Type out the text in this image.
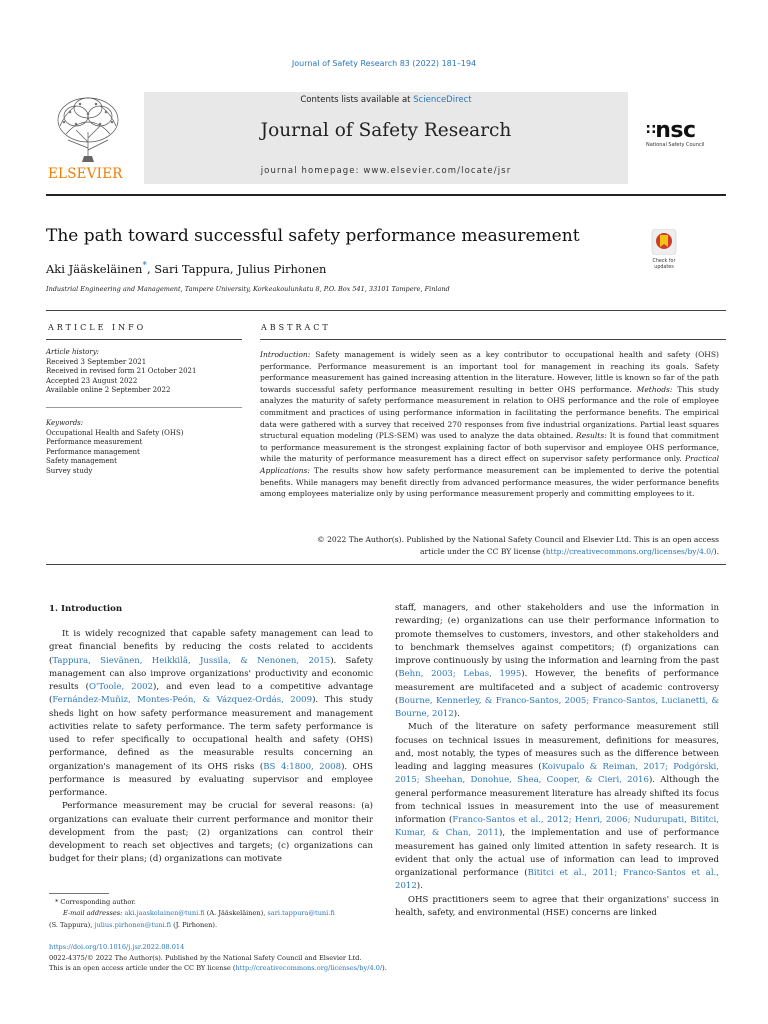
Journal of Safety Research 83 (2022) 181–194
ELSEVIER
Contents lists available at ScienceDirect
Journal of Safety Research
journal homepage: www.elsevier.com/locate/jsr
∷nsc
National Safety Council
The path toward successful safety performance measurement
Check for updates
Aki Jääskeläinen*, Sari Tappura, Julius Pirhonen
Industrial Engineering and Management, Tampere University, Korkeakoulunkatu 8, P.O. Box 541, 33101 Tampere, Finland
ARTICLE INFO
Article history:
Received 3 September 2021
Received in revised form 21 October 2021
Accepted 23 August 2022
Available online 2 September 2022
Keywords:
Occupational Health and Safety (OHS)
Performance measurement
Performance management
Safety management
Survey study
ABSTRACT
Introduction: Safety management is widely seen as a key contributor to occupational health and safety (OHS) performance. Performance measurement is an important tool for management in reaching its goals. Safety performance measurement has gained increasing attention in the literature. However, little is known so far of the path towards successful safety performance measurement resulting in better OHS performance. Methods: This study analyzes the maturity of safety performance measurement in relation to OHS performance and the role of employee commitment and practices of using performance information in facilitating the performance benefits. The empirical data were gathered with a survey that received 270 responses from five industrial organizations. Partial least squares structural equation modeling (PLS-SEM) was used to analyze the data obtained. Results: It is found that commitment to performance measurement is the strongest explaining factor of both supervisor and employee OHS performance, while the maturity of performance measurement has a direct effect on supervisor safety performance only. Practical Applications: The results show how safety performance measurement can be implemented to derive the potential benefits. While managers may benefit directly from advanced performance measures, the wider performance benefits among employees materialize only by using performance measurement properly and committing employees to it.
© 2022 The Author(s). Published by the National Safety Council and Elsevier Ltd. This is an open access
article under the CC BY license (http://creativecommons.org/licenses/by/4.0/).
1. Introduction

It is widely recognized that capable safety management can lead to great financial benefits by reducing the costs related to accidents (Tappura, Sievänen, Heikkilä, Jussila, & Nenonen, 2015). Safety management can also improve organizations' productivity and economic results (O'Toole, 2002), and even lead to a competitive advantage (Fernández-Muñiz, Montes-Peón, & Vázquez-Ordás, 2009). This study sheds light on how safety performance measurement and management activities relate to safety performance. The term safety performance is used to refer specifically to occupational health and safety (OHS) performance, defined as the measurable results concerning an organization's management of its OHS risks (BS 4:1800, 2008). OHS performance is measured by evaluating supervisor and employee performance.

Performance measurement may be crucial for several reasons: (a) organizations can evaluate their current performance and monitor their development from the past; (2) organizations can control their development to reach set objectives and targets; (c) organizations can budget for their plans; (d) organizations can motivate

staff, managers, and other stakeholders and use the information in rewarding; (e) organizations can use their performance information to promote themselves to customers, investors, and other stakeholders and to benchmark themselves against competitors; (f) organizations can improve continuously by using the information and learning from the past (Behn, 2003; Lebas, 1995). However, the benefits of performance measurement are multifaceted and a subject of academic controversy (Bourne, Kennerley, & Franco-Santos, 2005; Franco-Santos, Lucianetti, & Bourne, 2012).

Much of the literature on safety performance measurement still focuses on technical issues in measurement, definitions for measures, and, most notably, the types of measures such as the difference between leading and lagging measures (Koivupalo & Reiman, 2017; Podgórski, 2015; Sheehan, Donohue, Shea, Cooper, & Cieri, 2016). Although the general performance measurement literature has already shifted its focus from technical issues in measurement into the use of measurement information (Franco-Santos et al., 2012; Henri, 2006; Nudurupati, Bititci, Kumar, & Chan, 2011), the implementation and use of performance measurement has gained only limited attention in safety research. It is evident that only the actual use of information can lead to improved organizational performance (Bititci et al., 2011; Franco-Santos et al., 2012).

OHS practitioners seem to agree that their organizations' success in health, safety, and environmental (HSE) concerns are linked

* Corresponding author.
E-mail addresses: aki.jaaskelainen@tuni.fi (A. Jääskeläinen), sari.tappura@tuni.fi
(S. Tappura), julius.pirhonen@tuni.fi (J. Pirhonen).
https://doi.org/10.1016/j.jsr.2022.08.014
0022-4375/© 2022 The Author(s). Published by the National Safety Council and Elsevier Ltd.
This is an open access article under the CC BY license (http://creativecommons.org/licenses/by/4.0/).
